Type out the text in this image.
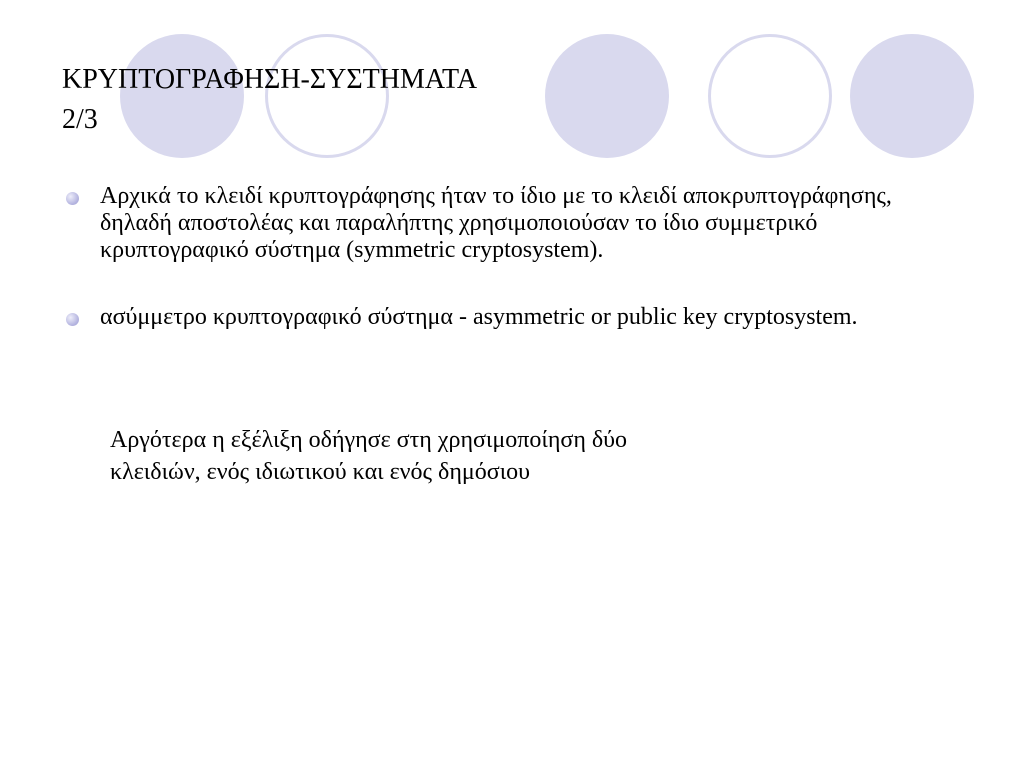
ΚΡΥΠΤΟΓΡΑΦΗΣΗ-ΣΥΣΤΗΜΑΤΑ
2/3
Αρχικά το κλειδί κρυπτογράφησης ήταν το ίδιο με το κλειδί αποκρυπτογράφησης, δηλαδή αποστολέας και παραλήπτης χρησιμοποιούσαν το ίδιο συμμετρικό κρυπτογραφικό σύστημα (symmetric cryptosystem).
ασύμμετρο κρυπτογραφικό σύστημα - asymmetric or public key cryptosystem.
Αργότερα η εξέλιξη οδήγησε στη χρησιμοποίηση δύο
κλειδιών, ενός ιδιωτικού και ενός δημόσιου
